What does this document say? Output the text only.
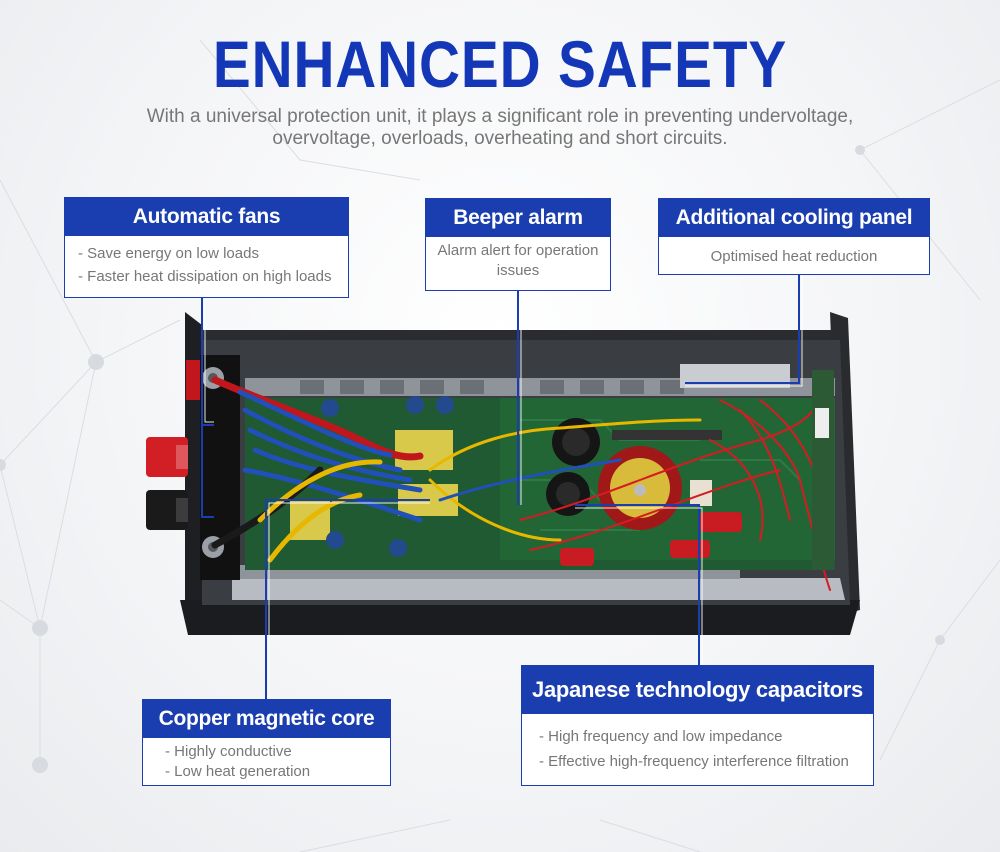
ENHANCED SAFETY
With a universal protection unit, it plays a significant role in preventing undervoltage,
overvoltage, overloads, overheating and short circuits.
Automatic fans
- Save energy on low loads
- Faster heat dissipation on high loads
Beeper alarm
Alarm alert for operation
issues
Additional cooling panel
Optimised heat reduction
Copper magnetic core
- Highly conductive
- Low heat generation
Japanese technology capacitors
- High frequency and low impedance
- Effective high-frequency interference filtration
